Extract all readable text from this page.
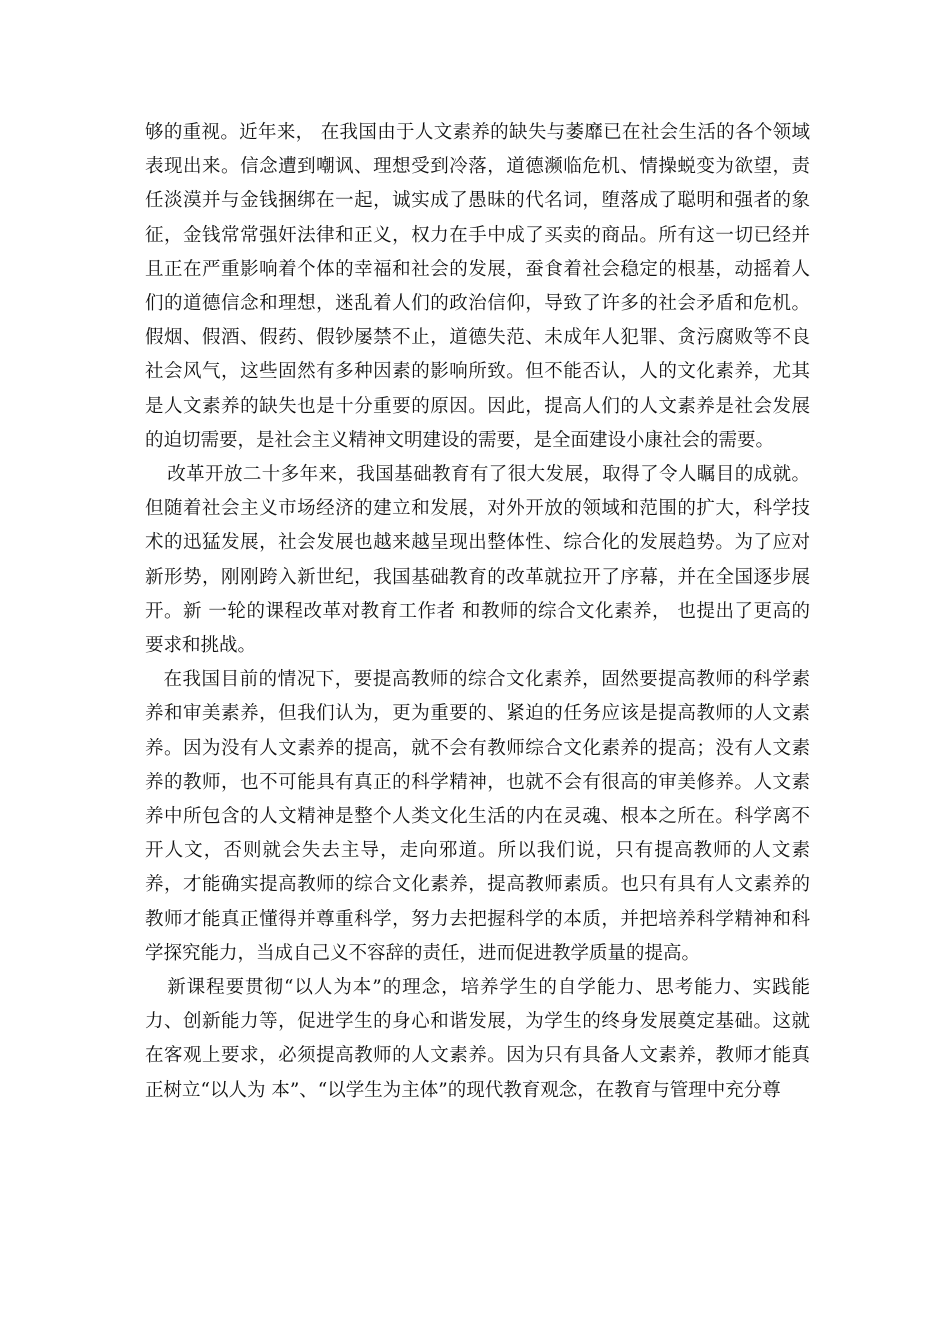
够的重视。近年来， 在我国由于人文素养的缺失与萎靡已在社会生活的各个领域表现出来。信念遭到嘲讽、理想受到冷落，道德濒临危机、情操蜕变为欲望，责任淡漠并与金钱捆绑在一起，诚实成了愚昧的代名词，堕落成了聪明和强者的象征，金钱常常强奸法律和正义，权力在手中成了买卖的商品。所有这一切已经并且正在严重影响着个体的幸福和社会的发展，蚕食着社会稳定的根基，动摇着人们的道德信念和理想，迷乱着人们的政治信仰，导致了许多的社会矛盾和危机。假烟、假酒、假药、假钞屡禁不止，道德失范、未成年人犯罪、贪污腐败等不良社会风气，这些固然有多种因素的影响所致。但不能否认，人的文化素养，尤其是人文素养的缺失也是十分重要的原因。因此，提高人们的人文素养是社会发展的迫切需要，是社会主义精神文明建设的需要，是全面建设小康社会的需要。

改革开放二十多年来，我国基础教育有了很大发展，取得了令人瞩目的成就。但随着社会主义市场经济的建立和发展，对外开放的领域和范围的扩大，科学技术的迅猛发展，社会发展也越来越呈现出整体性、综合化的发展趋势。为了应对新形势，刚刚跨入新世纪，我国基础教育的改革就拉开了序幕，并在全国逐步展开。新 一轮的课程改革对教育工作者 和教师的综合文化素养， 也提出了更高的要求和挑战。

在我国目前的情况下，要提高教师的综合文化素养，固然要提高教师的科学素养和审美素养，但我们认为，更为重要的、紧迫的任务应该是提高教师的人文素养。因为没有人文素养的提高，就不会有教师综合文化素养的提高；没有人文素养的教师，也不可能具有真正的科学精神，也就不会有很高的审美修养。人文素养中所包含的人文精神是整个人类文化生活的内在灵魂、根本之所在。科学离不开人文，否则就会失去主导，走向邪道。所以我们说，只有提高教师的人文素养，才能确实提高教师的综合文化素养，提高教师素质。也只有具有人文素养的教师才能真正懂得并尊重科学，努力去把握科学的本质，并把培养科学精神和科学探究能力，当成自己义不容辞的责任，进而促进教学质量的提高。

新课程要贯彻“以人为本”的理念，培养学生的自学能力、思考能力、实践能力、创新能力等，促进学生的身心和谐发展，为学生的终身发展奠定基础。这就在客观上要求，必须提高教师的人文素养。因为只有具备人文素养，教师才能真正树立“以人为 本”、“以学生为主体”的现代教育观念，在教育与管理中充分尊
